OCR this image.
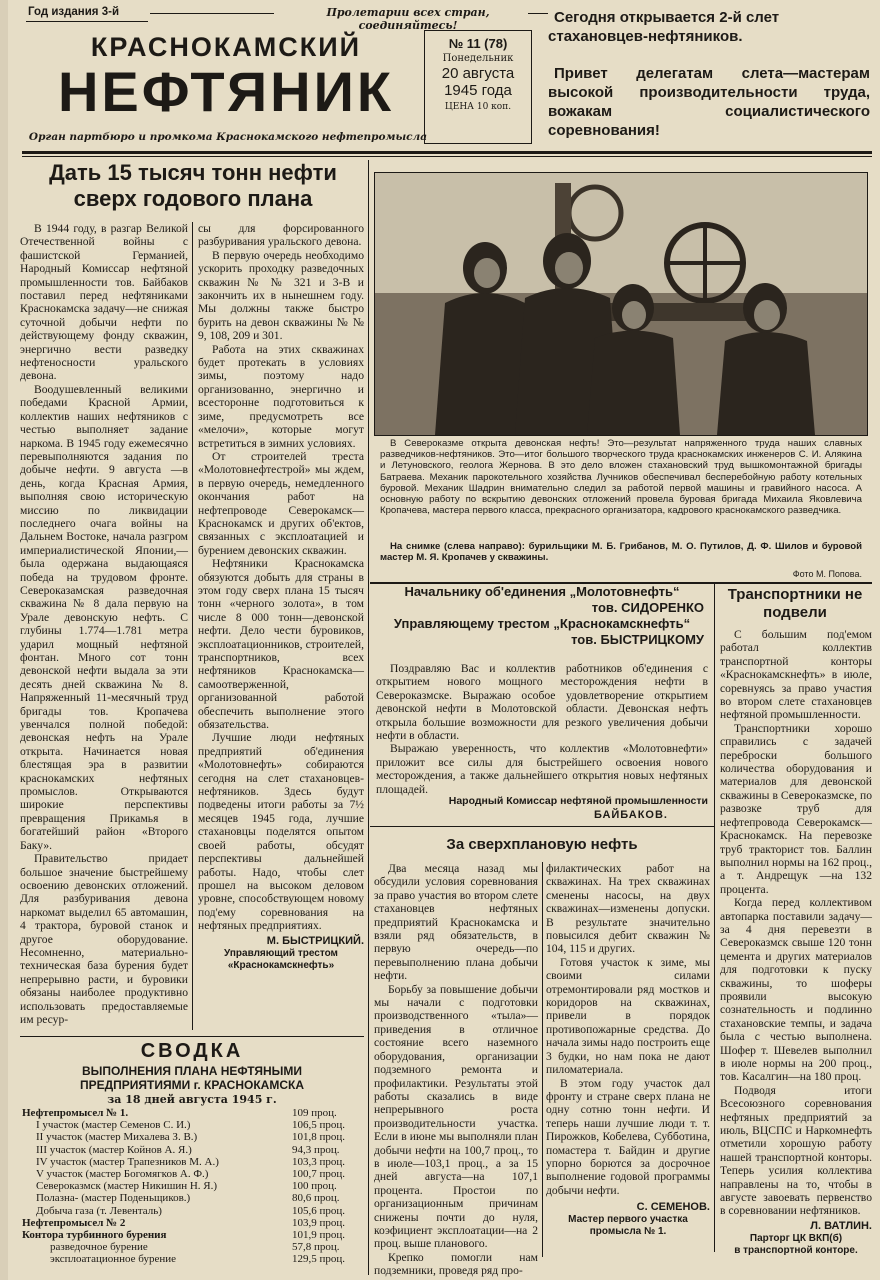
Год издания 3-й	Пролетарии всех стран, соединяйтесь!
КРАСНОКАМСКИЙ
НЕФТЯНИК
Орган партбюро и промкома Краснокамского нефтепромысла
№ 11 (78)
Понедельник
20 августа
1945 года
ЦЕНА 10 коп.
Сегодня открывается 2-й слет стахановцев-нефтяников.
Привет делегатам слета—мастерам высокой производительности труда, вожакам социалистического соревнования!
Дать 15 тысяч тонн нефти сверх годового плана

В 1944 году, в разгар Великой Отечественной войны с фашистской Германией, Народный Комиссар нефтяной промышленности тов. Байбаков поставил перед нефтяниками Краснокамска задачу—не снижая суточной добычи нефти по действующему фонду скважин, энергично вести разведку нефтеносности уральского девона.

Воодушевленный великими победами Красной Армии, коллектив наших нефтяников с честью выполняет задание наркома. В 1945 году ежемесячно перевыполняются задания по добыче нефти. 9 августа —в день, когда Красная Армия, выполняя свою историческую миссию по ликвидации последнего очага войны на Дальнем Востоке, начала разгром империалистической Японии,—была одержана выдающаяся победа на трудовом фронте. Североказамская разведочная скважина № 8 дала первую на Урале девонскую нефть. С глубины 1.774—1.781 метра ударил мощный нефтяной фонтан. Много сот тонн девонской нефти выдала за эти десять дней скважина № 8. Напряженный 11-месячный труд бригады тов. Кропачева увенчался полной победой: девонская нефть на Урале открыта. Начинается новая блестящая эра в развитии краснокамских нефтяных промыслов. Открываются широкие перспективы превращения Прикамья в богатейший район «Второго Баку».

Правительство придает большое значение быстрейшему освоению девонских отложений. Для разбуривания девона наркомат выделил 65 автомашин, 4 трактора, буровой станок и другое оборудование. Несомненно, материально-техническая база бурения будет непрерывно расти, и буровики обязаны наиболее продуктивно использовать предоставляемые им ресур-

сы для форсированного разбуривания уральского девона.

В первую очередь необходимо ускорить проходку разведочных скважин № № 321 и 3-В и закончить их в нынешнем году. Мы должны также быстро бурить на девон скважины № № 9, 108, 209 и 301.

Работа на этих скважинах будет протекать в условиях зимы, поэтому надо организованно, энергично и всесторонне подготовиться к зиме, предусмотреть все «мелочи», которые могут встретиться в зимних условиях.

От строителей треста «Молотовнефтестрой» мы ждем, в первую очередь, немедленного окончания работ на нефтепроводе Северокамск—Краснокамск и других об'ектов, связанных с эксплоатацией и бурением девонских скважин.

Нефтяники Краснокамска обязуются добыть для страны в этом году сверх плана 15 тысяч тонн «черного золота», в том числе 8 000 тонн—девонской нефти. Дело чести буровиков, эксплоатационников, строителей, транспортников, всех нефтяников Краснокамска—самоотверженной, организованной работой обеспечить выполнение этого обязательства.

Лучшие люди нефтяных предприятий об'единения «Молотовнефть» собираются сегодня на слет стахановцев-нефтяников. Здесь будут подведены итоги работы за 7½ месяцев 1945 года, лучшие стахановцы поделятся опытом своей работы, обсудят перспективы дальнейшей работы. Надо, чтобы слет прошел на высоком деловом уровне, способствующем новому под'ему соревнования на нефтяных предприятиях.

М. БЫСТРИЦКИЙ.
Управляющий трестом
«Краснокамскнефть»
СВОДКА
ВЫПОЛНЕНИЯ ПЛАНА НЕФТЯНЫМИ
ПРЕДПРИЯТИЯМИ г. КРАСНОКАМСКА
за 18 дней августа 1945 г.
Нефтепромысел № 1.	109 проц.
I участок (мастер Семенов С. И.)	106,5 проц.
II участок (мастер Михалева З. В.)	101,8 проц.
III участок (мастер Койнов А. Я.)	94,3 проц.
IV участок (мастер Трапезников М. А.)	103,3 проц.
V участок (мастер Богомягков А. Ф.)	100,7 проц.
Североказмск (мастер Никишин Н. Я.)	100 проц.
Полазна- (мастер Поденьщиков.)	80,6 проц.
Добыча газа (т. Левенталь)	105,6 проц.
Нефтепромысел № 2	103,9 проц.
Контора турбинного бурения	101,9 проц.
разведочное бурение	57,8 проц.
эксплоатационное бурение	129,5 проц.
В Североказме открыта девонская нефть! Это—результат напряженного труда наших славных разведчиков-нефтяников. Это—итог большого творческого труда краснокамских инженеров С. И. Алякина и Летуновского, геолога Жернова. В это дело вложен стахановский труд вышкомонтажной бригады Батраева. Механик парокотельного хозяйства Лучников обеспечивал бесперебойную работу котельных буровой. Механик Шадрин внимательно следил за работой первой машины и гравийного насоса. А основную работу по вскрытию девонских отложений провела буровая бригада Михаила Яковлевича Кропачева, мастера первого класса, прекрасного организатора, кадрового краснокамского разведчика.
На снимке (слева направо): бурильщики М. Б. Грибанов, М. О. Путилов, Д. Ф. Шилов и буровой мастер М. Я. Кропачев у скважины.
Фото М. Попова.
Начальнику об'единения „Молотовнефть“
тов. СИДОРЕНКО
Управляющему трестом „Краснокамскнефть“
тов. БЫСТРИЦКОМУ

Поздравляю Вас и коллектив работников об'единения с открытием нового мощного месторождения нефти в Североказмске. Выражаю особое удовлетворение открытием девонской нефти в Молотовской области. Девонская нефть открыла большие возможности для резкого увеличения добычи нефти в области.

Выражаю уверенность, что коллектив «Молотовнефти» приложит все силы для быстрейшего освоения нового месторождения, а также дальнейшего открытия новых нефтяных площадей.

Народный Комиссар нефтяной промышленности
БАЙБАКОВ.
Транспортники не подвели

С большим под'емом работал коллектив транспортной конторы «Краснокамскнефть» в июле, соревнуясь за право участия во втором слете стахановцев нефтяной промышленности.

Транспортники хорошо справились с задачей переброски большого количества оборудования и материалов для девонской скважины в Североказмске, по развозке труб для нефтепровода Северокамск—Краснокамск. На перевозке труб тракторист тов. Баллин выполнил нормы на 162 проц., а т. Андрещук —на 132 процента.

Когда перед коллективом автопарка поставили задачу—за 4 дня перевезти в Североказмск свыше 120 тонн цемента и других материалов для подготовки к пуску скважины, то шоферы проявили высокую сознательность и подлинно стахановские темпы, и задача была с честью выполнена. Шофер т. Шевелев выполнил в июле нормы на 200 проц., тов. Касалгин—на 180 проц.

Подводя итоги Всесоюзного соревнования нефтяных предприятий за июль, ВЦСПС и Наркомнефть отметили хорошую работу нашей транспортной конторы. Теперь усилия коллектива направлены на то, чтобы в августе завоевать первенство в соревновании нефтяников.

Л. ВАТЛИН.
Парторг ЦК ВКП(б)
в транспортной конторе.
За сверхплановую нефть

Два месяца назад мы обсудили условия соревнования за право участия во втором слете стахановцев нефтяных предприятий Краснокамска и взяли ряд обязательств, в первую очередь—по перевыполнению плана добычи нефти.

Борьбу за повышение добычи мы начали с подготовки производственного «тыла»—приведения в отличное состояние всего наземного оборудования, организации подземного ремонта и профилактики. Результаты этой работы сказались в виде непрерывного роста производительности участка. Если в июне мы выполняли план добычи нефти на 100,7 проц., то в июле—103,1 проц., а за 15 дней августа—на 107,1 процента. Простои по организационным причинам снижены почти до нуля, коэфициент эксплоатации—на 2 проц. выше планового.

Крепко помогли нам подземники, проведя ряд про-

филактических работ на скважинах. На трех скважинах сменены насосы, на двух скважинах—изменены допуски. В результате значительно повысился дебит скважин № 104, 115 и других.

Готовя участок к зиме, мы своими силами отремонтировали ряд мостков и коридоров на скважинах, привели в порядок противопожарные средства. До начала зимы надо построить еще 3 будки, но нам пока не дают пиломатериала.

В этом году участок дал фронту и стране сверх плана не одну сотню тонн нефти. И теперь наши лучшие люди т. т. Пирожков, Кобелева, Субботина, помастера т. Байдин и другие упорно борются за досрочное выполнение годовой программы добычи нефти.

С. СЕМЕНОВ.
Мастер первого участка
промысла № 1.
